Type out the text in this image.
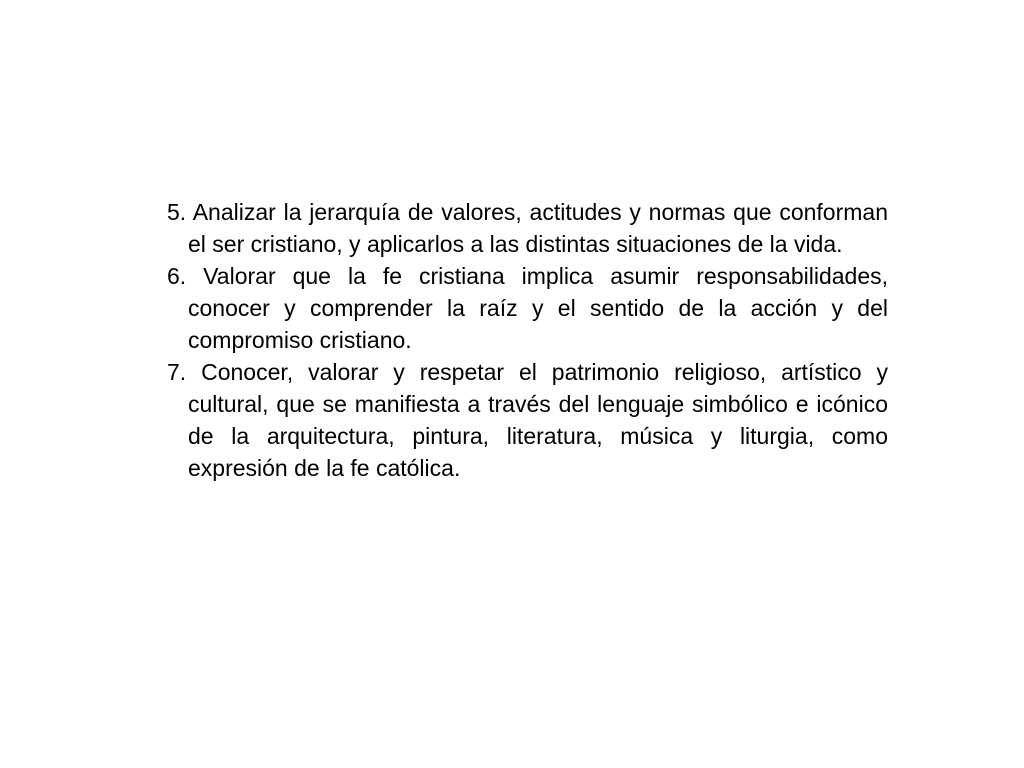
5. Analizar la jerarquía de valores, actitudes y normas que conforman el ser cristiano, y aplicarlos a las distintas situaciones de la vida.

6. Valorar que la fe cristiana implica asumir responsabilidades, conocer y comprender la raíz y el sentido de la acción y del compromiso cristiano.

7. Conocer, valorar y respetar el patrimonio religioso, artístico y cultural, que se manifiesta a través del lenguaje simbólico e icónico de la arquitectura, pintura, literatura, música y liturgia, como expresión de la fe católica.
